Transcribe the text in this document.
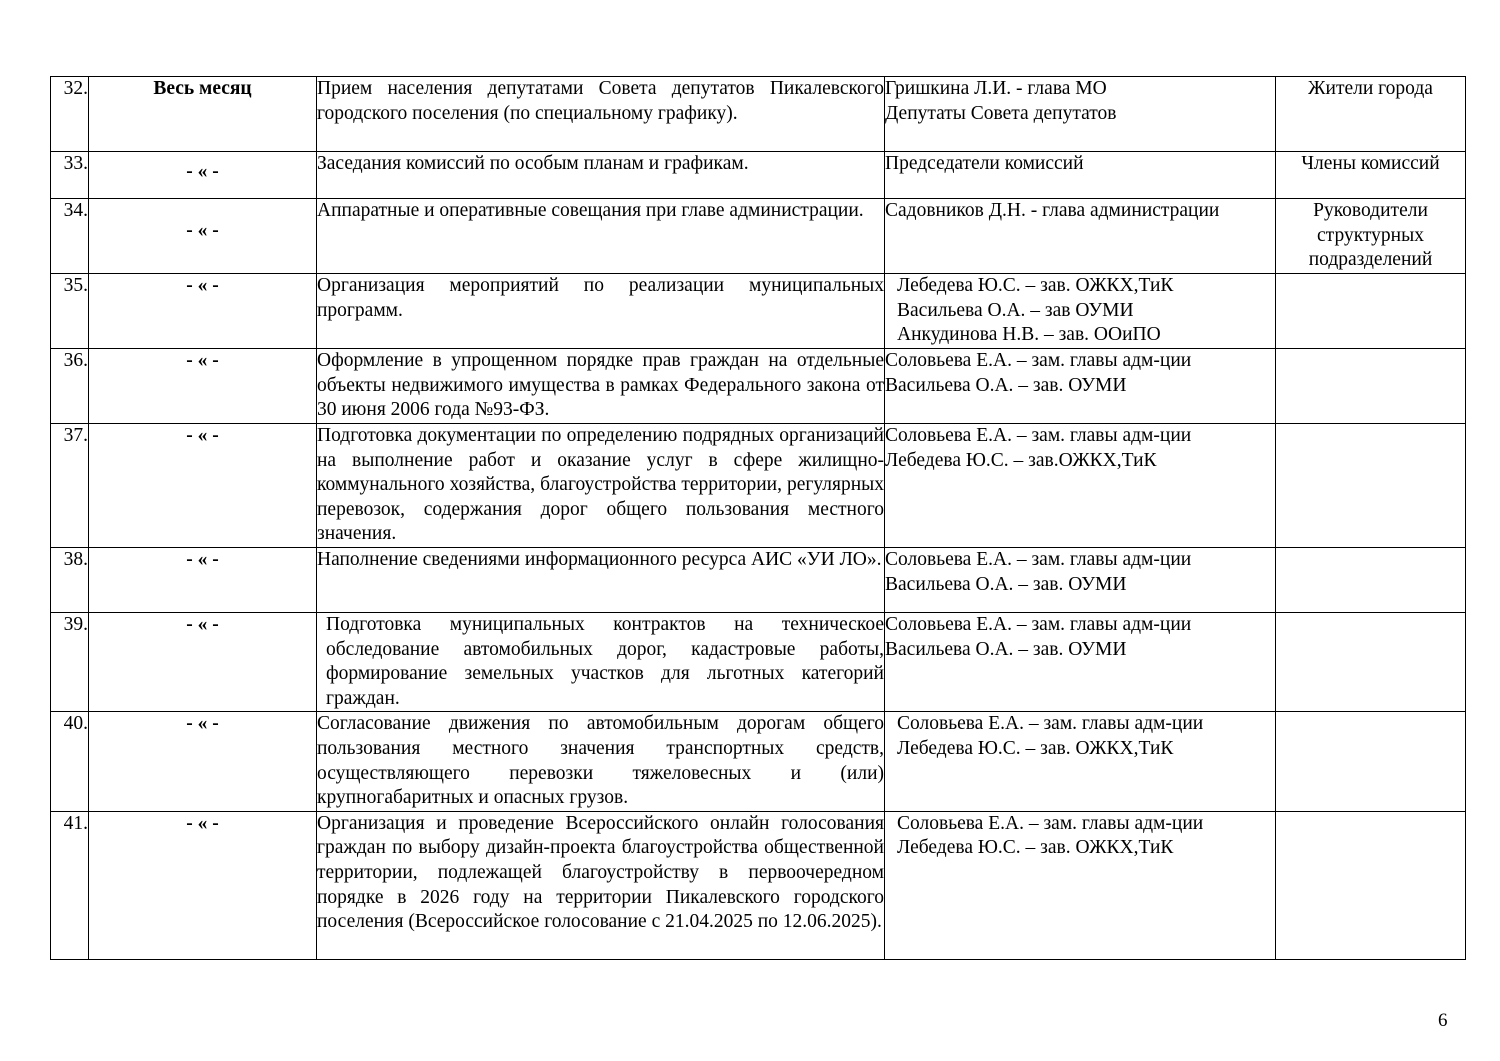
32.	Весь месяц	Прием населения депутатами Совета депутатов Пикалевского городского поселения (по специальному графику).	Гришкина Л.И. - глава МО
Депутаты Совета депутатов	Жители города
33.	- « -	Заседания комиссий по особым планам и графикам.	Председатели комиссий	Члены комиссий
34.	- « -	Аппаратные и оперативные совещания при главе администрации.	Садовников Д.Н. - глава администрации	Руководители структурных подразделений
35.	- « -	Организация мероприятий по реализации муниципальных программ.	Лебедева Ю.С. – зав. ОЖКХ,ТиК
Васильева О.А. – зав ОУМИ
Анкудинова Н.В. – зав. ООиПО	

36.	- « -	Оформление в упрощенном порядке прав граждан на отдельные объекты недвижимого имущества в рамках Федерального закона от 30 июня 2006 года №93-ФЗ.	Соловьева Е.А. – зам. главы адм-ции
Васильева О.А. – зав. ОУМИ	

37.	- « -	Подготовка документации по определению подрядных организаций на выполнение работ и оказание услуг в сфере жилищно-коммунального хозяйства, благоустройства территории, регулярных перевозок, содержания дорог общего пользования местного значения.	Соловьева Е.А. – зам. главы адм-ции
Лебедева Ю.С. – зав.ОЖКХ,ТиК	

38.	- « -	Наполнение сведениями информационного ресурса АИС «УИ ЛО».	Соловьева Е.А. – зам. главы адм-ции
Васильева О.А. – зав. ОУМИ	

39.	- « -	Подготовка муниципальных контрактов на техническое обследование автомобильных дорог, кадастровые работы, формирование земельных участков для льготных категорий граждан.	Соловьева Е.А. – зам. главы адм-ции
Васильева О.А. – зав. ОУМИ	

40.	- « -	Согласование движения по автомобильным дорогам общего пользования местного значения транспортных средств, осуществляющего перевозки тяжеловесных и (или) крупногабаритных и опасных грузов.	Соловьева Е.А. – зам. главы адм-ции
Лебедева Ю.С. – зав. ОЖКХ,ТиК	

41.	- « -	Организация и проведение Всероссийского онлайн голосования граждан по выбору дизайн-проекта благоустройства общественной территории, подлежащей благоустройству в первоочередном порядке в 2026 году на территории Пикалевского городского поселения (Всероссийское голосование с 21.04.2025 по 12.06.2025).	Соловьева Е.А. – зам. главы адм-ции
Лебедева Ю.С. – зав. ОЖКХ,ТиК	

6
